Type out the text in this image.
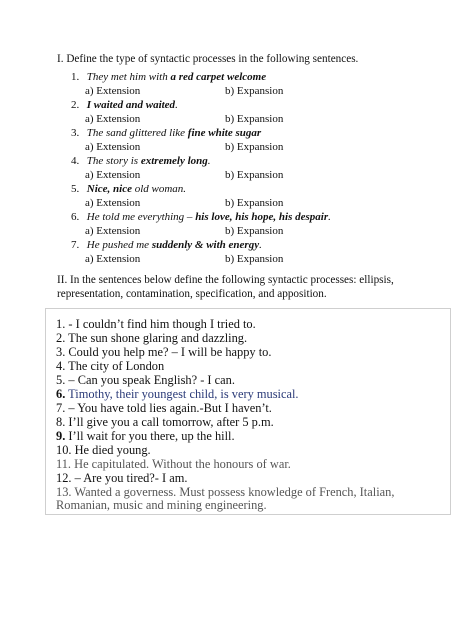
I. Define the type of syntactic processes in the following sentences.
1. They met him with a red carpet welcome
a) Extension	b) Expansion
2. I waited and waited.
a) Extension	b) Expansion
3. The sand glittered like fine white sugar
a) Extension	b) Expansion
4. The story is extremely long.
a) Extension	b) Expansion
5. Nice, nice old woman.
a) Extension	b) Expansion
6. He told me everything – his love, his hope, his despair.
a) Extension	b) Expansion
7. He pushed me suddenly & with energy.
a) Extension	b) Expansion
II. In the sentences below define the following syntactic processes: ellipsis, representation, contamination, specification, and apposition.
1. - I couldn’t find him though I tried to.
2. The sun shone glaring and dazzling.
3. Could you help me? – I will be happy to.
4. The city of London
5. – Can you speak English? - I can.
6. Timothy, their youngest child, is very musical.
7. – You have told lies again.-But I haven’t.
8. I’ll give you a call tomorrow, after 5 p.m.
9. I’ll wait for you there, up the hill.
10. He died young.
11. He capitulated. Without the honours of war.
12. – Are you tired?- I am.
13. Wanted a governess. Must possess knowledge of French, Italian,
Romanian, music and mining engineering.
